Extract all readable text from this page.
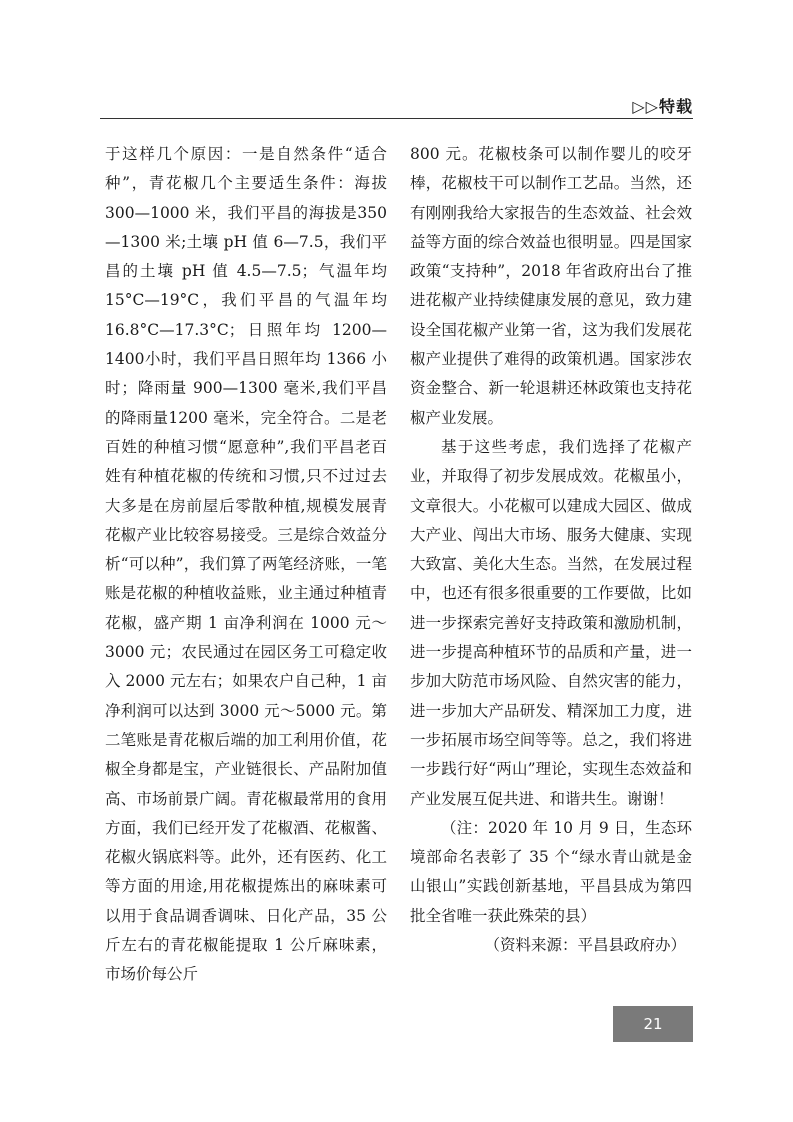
▷▷特载

于这样几个原因：一是自然条件“适合种”，青花椒几个主要适生条件：海拔300—1000 米，我们平昌的海拔是350—1300 米;土壤 pH 值 6—7.5，我们平昌的土壤 pH 值 4.5—7.5；气温年均15°C—19°C，我们平昌的气温年均16.8°C—17.3°C；日照年均 1200—1400小时，我们平昌日照年均 1366 小时；降雨量 900—1300 毫米,我们平昌的降雨量1200 毫米，完全符合。二是老百姓的种植习惯“愿意种”,我们平昌老百姓有种植花椒的传统和习惯,只不过过去大多是在房前屋后零散种植,规模发展青花椒产业比较容易接受。三是综合效益分析“可以种”，我们算了两笔经济账，一笔账是花椒的种植收益账，业主通过种植青花椒，盛产期 1 亩净利润在 1000 元～3000 元；农民通过在园区务工可稳定收入 2000 元左右；如果农户自己种，1 亩净利润可以达到 3000 元～5000 元。第二笔账是青花椒后端的加工利用价值，花椒全身都是宝，产业链很长、产品附加值高、市场前景广阔。青花椒最常用的食用方面，我们已经开发了花椒酒、花椒酱、花椒火锅底料等。此外，还有医药、化工等方面的用途,用花椒提炼出的麻味素可以用于食品调香调味、日化产品，35 公斤左右的青花椒能提取 1 公斤麻味素，市场价每公斤

800 元。花椒枝条可以制作婴儿的咬牙棒，花椒枝干可以制作工艺品。当然，还有刚刚我给大家报告的生态效益、社会效益等方面的综合效益也很明显。四是国家政策“支持种”，2018 年省政府出台了推进花椒产业持续健康发展的意见，致力建设全国花椒产业第一省，这为我们发展花椒产业提供了难得的政策机遇。国家涉农资金整合、新一轮退耕还林政策也支持花椒产业发展。

基于这些考虑，我们选择了花椒产业，并取得了初步发展成效。花椒虽小，文章很大。小花椒可以建成大园区、做成大产业、闯出大市场、服务大健康、实现大致富、美化大生态。当然，在发展过程中，也还有很多很重要的工作要做，比如进一步探索完善好支持政策和激励机制，进一步提高种植环节的品质和产量，进一步加大防范市场风险、自然灾害的能力，进一步加大产品研发、精深加工力度，进一步拓展市场空间等等。总之，我们将进一步践行好“两山”理论，实现生态效益和产业发展互促共进、和谐共生。谢谢！

（注：2020 年 10 月 9 日，生态环境部命名表彰了 35 个“绿水青山就是金山银山”实践创新基地，平昌县成为第四批全省唯一获此殊荣的县）

（资料来源：平昌县政府办）

21
